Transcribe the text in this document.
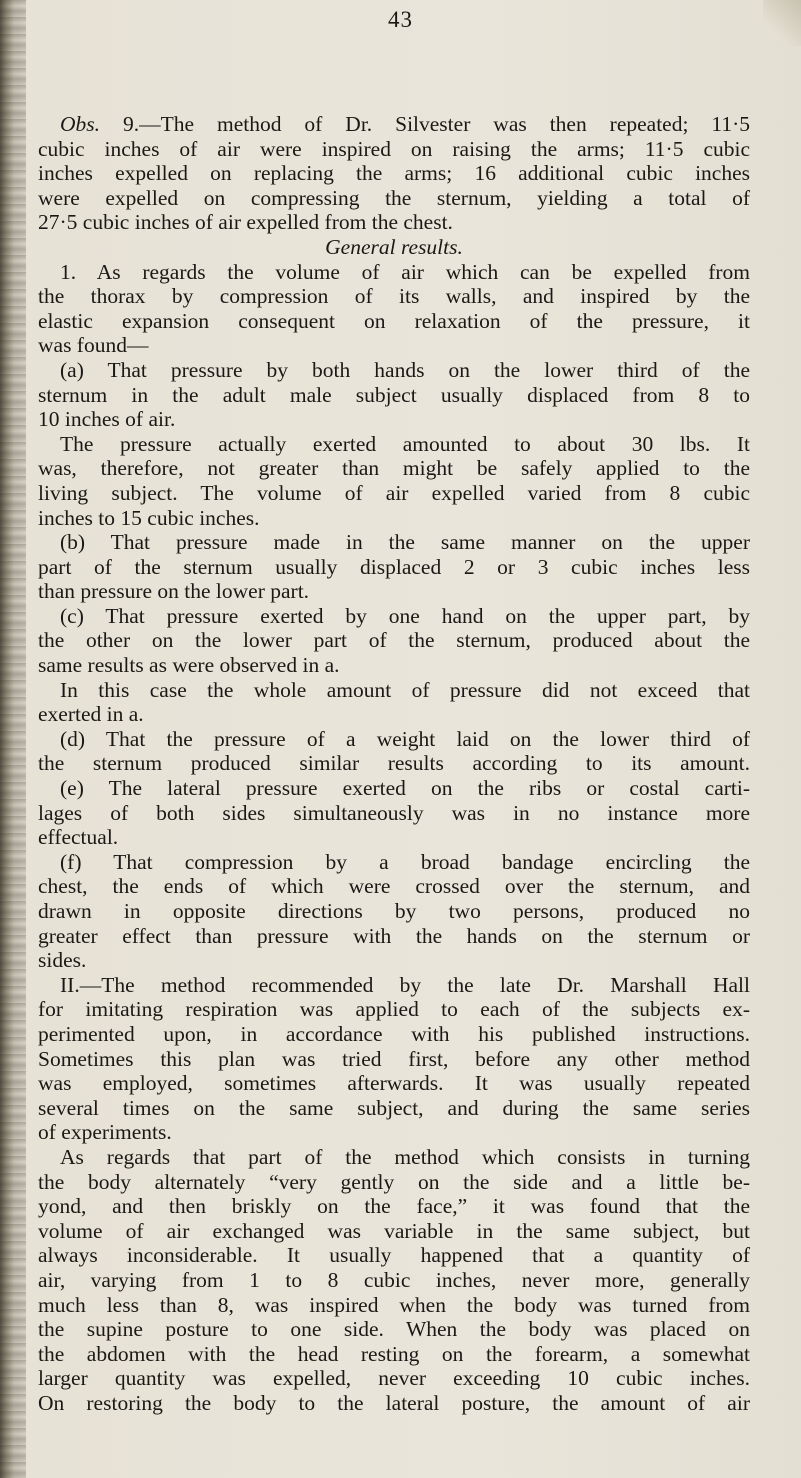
43
Obs. 9.—The method of Dr. Silvester was then repeated; 11·5
cubic inches of air were inspired on raising the arms; 11·5 cubic
inches expelled on replacing the arms; 16 additional cubic inches
were expelled on compressing the sternum, yielding a total of
27·5 cubic inches of air expelled from the chest.
General results.
1. As regards the volume of air which can be expelled from
the thorax by compression of its walls, and inspired by the
elastic expansion consequent on relaxation of the pressure, it
was found—
(a) That pressure by both hands on the lower third of the
sternum in the adult male subject usually displaced from 8 to
10 inches of air.
The pressure actually exerted amounted to about 30 lbs. It
was, therefore, not greater than might be safely applied to the
living subject. The volume of air expelled varied from 8 cubic
inches to 15 cubic inches.
(b) That pressure made in the same manner on the upper
part of the sternum usually displaced 2 or 3 cubic inches less
than pressure on the lower part.
(c) That pressure exerted by one hand on the upper part, by
the other on the lower part of the sternum, produced about the
same results as were observed in a.
In this case the whole amount of pressure did not exceed that
exerted in a.
(d) That the pressure of a weight laid on the lower third of
the sternum produced similar results according to its amount.
(e) The lateral pressure exerted on the ribs or costal carti-
lages of both sides simultaneously was in no instance more
effectual.
(f) That compression by a broad bandage encircling the
chest, the ends of which were crossed over the sternum, and
drawn in opposite directions by two persons, produced no
greater effect than pressure with the hands on the sternum or
sides.
II.—The method recommended by the late Dr. Marshall Hall
for imitating respiration was applied to each of the subjects ex-
perimented upon, in accordance with his published instructions.
Sometimes this plan was tried first, before any other method
was employed, sometimes afterwards. It was usually repeated
several times on the same subject, and during the same series
of experiments.
As regards that part of the method which consists in turning
the body alternately “very gently on the side and a little be-
yond, and then briskly on the face,” it was found that the
volume of air exchanged was variable in the same subject, but
always inconsiderable. It usually happened that a quantity of
air, varying from 1 to 8 cubic inches, never more, generally
much less than 8, was inspired when the body was turned from
the supine posture to one side. When the body was placed on
the abdomen with the head resting on the forearm, a somewhat
larger quantity was expelled, never exceeding 10 cubic inches.
On restoring the body to the lateral posture, the amount of air
